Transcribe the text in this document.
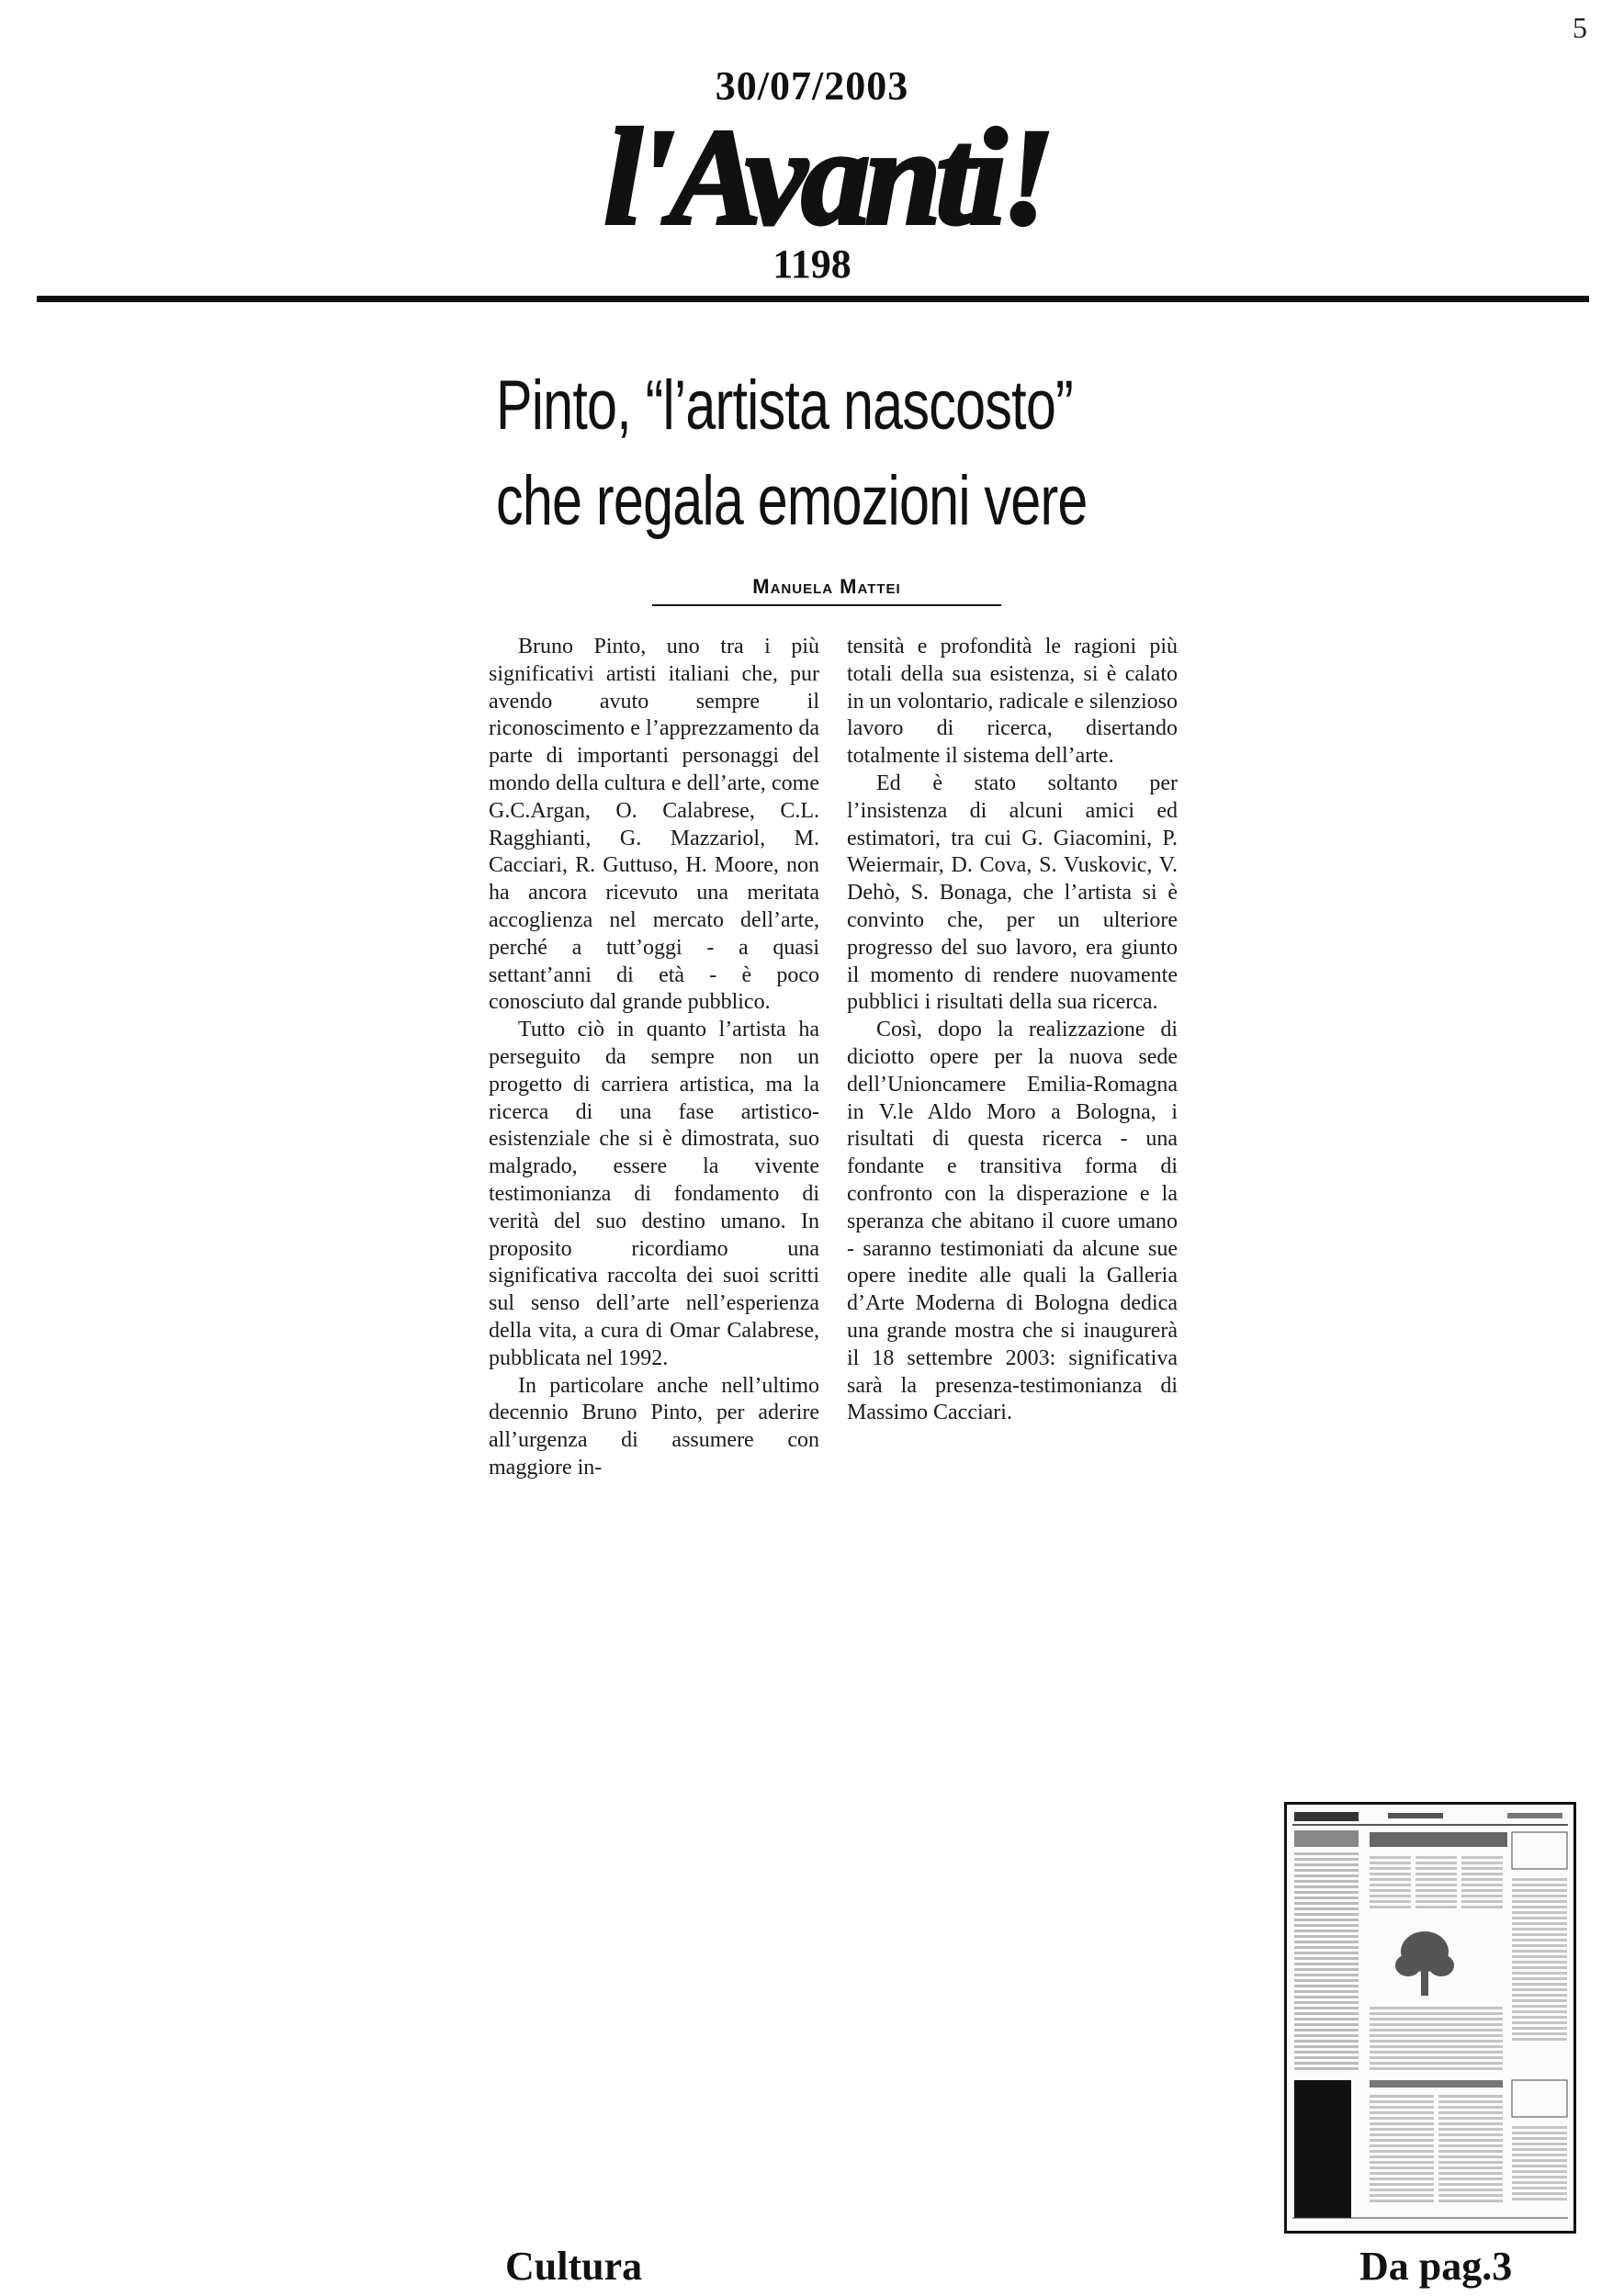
5
30/07/2003
l'Avanti!
1198
Pinto, “l’artista nascosto”
che regala emozioni vere
Manuela Mattei

Bruno Pinto, uno tra i più significativi artisti italiani che, pur avendo avuto sempre il riconoscimento e l’apprezzamento da parte di importanti personaggi del mondo della cultura e dell’arte, come G.C.Argan, O. Calabrese, C.L. Ragghianti, G. Mazzariol, M. Cacciari, R. Guttuso, H. Moore, non ha ancora ricevuto una meritata accoglienza nel mercato dell’arte, perché a tutt’oggi - a quasi settant’anni di età - è poco conosciuto dal grande pubblico.

Tutto ciò in quanto l’artista ha perseguito da sempre non un progetto di carriera artistica, ma la ricerca di una fase artistico-esistenziale che si è dimostrata, suo malgrado, essere la vivente testimonianza di fondamento di verità del suo destino umano. In proposito ricordiamo una significativa raccolta dei suoi scritti sul senso dell’arte nell’esperienza della vita, a cura di Omar Calabrese, pubblicata nel 1992.

In particolare anche nell’ultimo decennio Bruno Pinto, per aderire all’urgenza di assumere con maggiore in-

tensità e profondità le ragioni più totali della sua esistenza, si è calato in un volontario, radicale e silenzioso lavoro di ricerca, disertando totalmente il sistema dell’arte.

Ed è stato soltanto per l’insistenza di alcuni amici ed estimatori, tra cui G. Giacomini, P. Weiermair, D. Cova, S. Vuskovic, V. Dehò, S. Bonaga, che l’artista si è convinto che, per un ulteriore progresso del suo lavoro, era giunto il momento di rendere nuovamente pubblici i risultati della sua ricerca.

Così, dopo la realizzazione di diciotto opere per la nuova sede dell’Unioncamere Emilia-Romagna in V.le Aldo Moro a Bologna, i risultati di questa ricerca - una fondante e transitiva forma di confronto con la disperazione e la speranza che abitano il cuore umano - saranno testimoniati da alcune sue opere inedite alle quali la Galleria d’Arte Moderna di Bologna dedica una grande mostra che si inaugurerà il 18 settembre 2003: significativa sarà la presenza-testimonianza di Massimo Cacciari.

Cultura	Da pag.3
